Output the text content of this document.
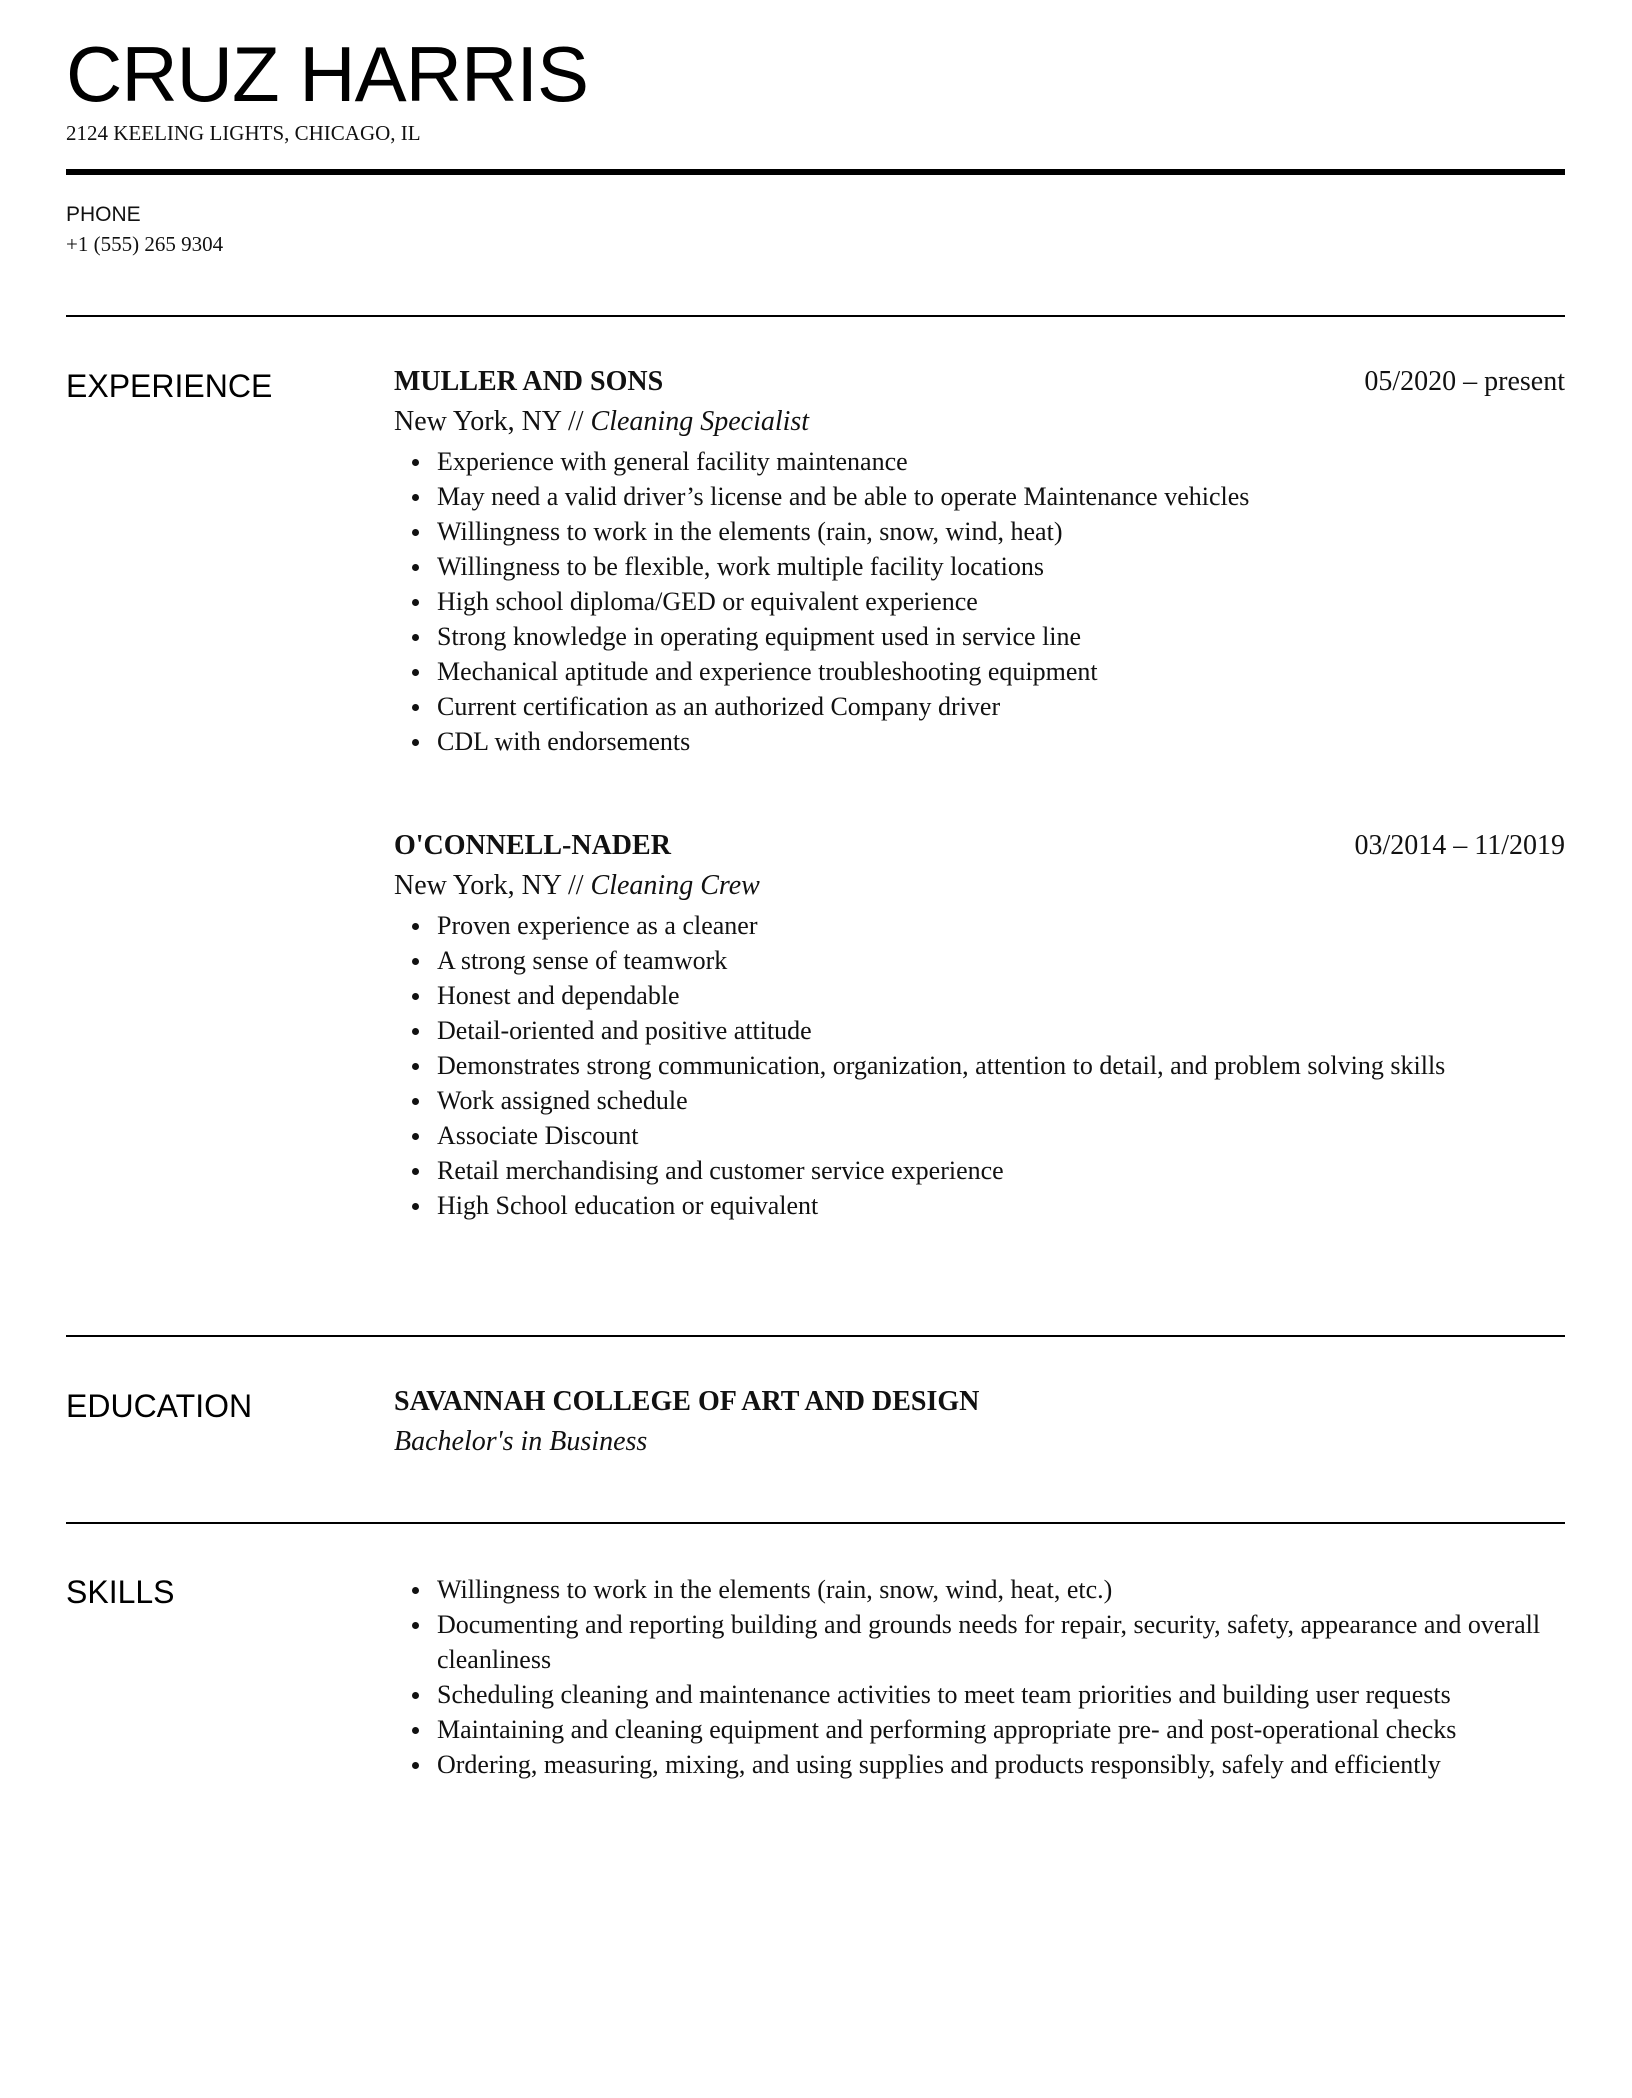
CRUZ HARRIS
2124 KEELING LIGHTS, CHICAGO, IL
PHONE
+1 (555) 265 9304
EXPERIENCE	MULLER AND SONS	05/2020 – present
New York, NY // Cleaning Specialist
Experience with general facility maintenance
May need a valid driver’s license and be able to operate Maintenance vehicles
Willingness to work in the elements (rain, snow, wind, heat)
Willingness to be flexible, work multiple facility locations
High school diploma/GED or equivalent experience
Strong knowledge in operating equipment used in service line
Mechanical aptitude and experience troubleshooting equipment
Current certification as an authorized Company driver
CDL with endorsements
O'CONNELL-NADER	03/2014 – 11/2019
New York, NY // Cleaning Crew
Proven experience as a cleaner
A strong sense of teamwork
Honest and dependable
Detail-oriented and positive attitude
Demonstrates strong communication, organization, attention to detail, and problem solving skills
Work assigned schedule
Associate Discount
Retail merchandising and customer service experience
High School education or equivalent
EDUCATION	SAVANNAH COLLEGE OF ART AND DESIGN
Bachelor's in Business
SKILLS	Willingness to work in the elements (rain, snow, wind, heat, etc.)
Documenting and reporting building and grounds needs for repair, security, safety, appearance and overall cleanliness
Scheduling cleaning and maintenance activities to meet team priorities and building user requests
Maintaining and cleaning equipment and performing appropriate pre- and post-operational checks
Ordering, measuring, mixing, and using supplies and products responsibly, safely and efficiently
